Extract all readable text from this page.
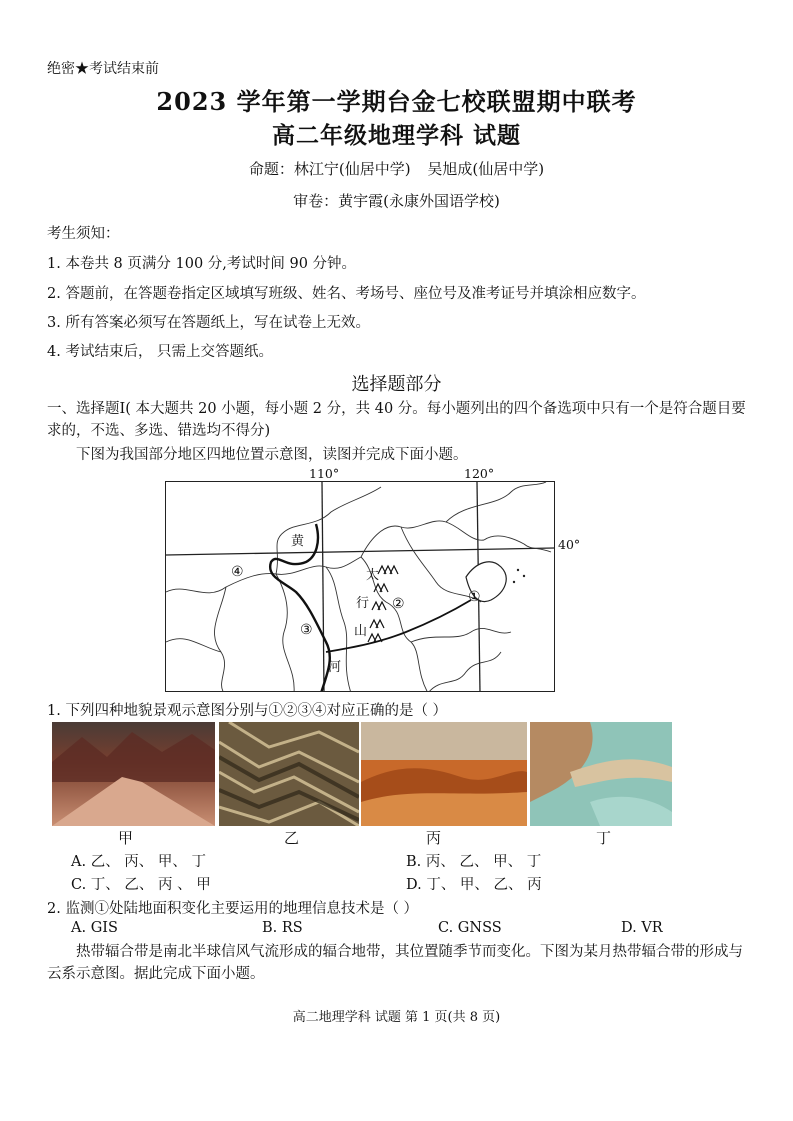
绝密★考试结束前
2023 学年第一学期台金七校联盟期中联考
高二年级地理学科 试题
命题：林江宁(仙居中学) 吴旭成(仙居中学)
审卷：黄宇霞(永康外国语学校)
考生须知：
1. 本卷共 8 页满分 100 分,考试时间 90 分钟。
2. 答题前，在答题卷指定区域填写班级、姓名、考场号、座位号及准考证号并填涂相应数字。
3. 所有答案必须写在答题纸上，写在试卷上无效。
4. 考试结束后， 只需上交答题纸。
选择题部分
一、选择题Ⅰ( 本大题共 20 小题，每小题 2 分，共 40 分。每小题列出的四个备选项中只有一个是符合题目要求的，不选、多选、错选均不得分)
下图为我国部分地区四地位置示意图，读图并完成下面小题。
110°	120°
40°
黄
河
太
行
山
①
②
③
④
1. 下列四种地貌景观示意图分别与①②③④对应正确的是（ ）
甲	乙	丙	丁
A. 乙、 丙、 甲、 丁	B. 丙、 乙、 甲、 丁
C. 丁、 乙、 丙 、 甲	D. 丁、 甲、 乙、 丙
2. 监测①处陆地面积变化主要运用的地理信息技术是（ ）
A. GIS	B. RS	C. GNSS	D. VR
热带辐合带是南北半球信风气流形成的辐合地带，其位置随季节而变化。下图为某月热带辐合带的形成与云系示意图。据此完成下面小题。
高二地理学科 试题 第 1 页(共 8 页)
